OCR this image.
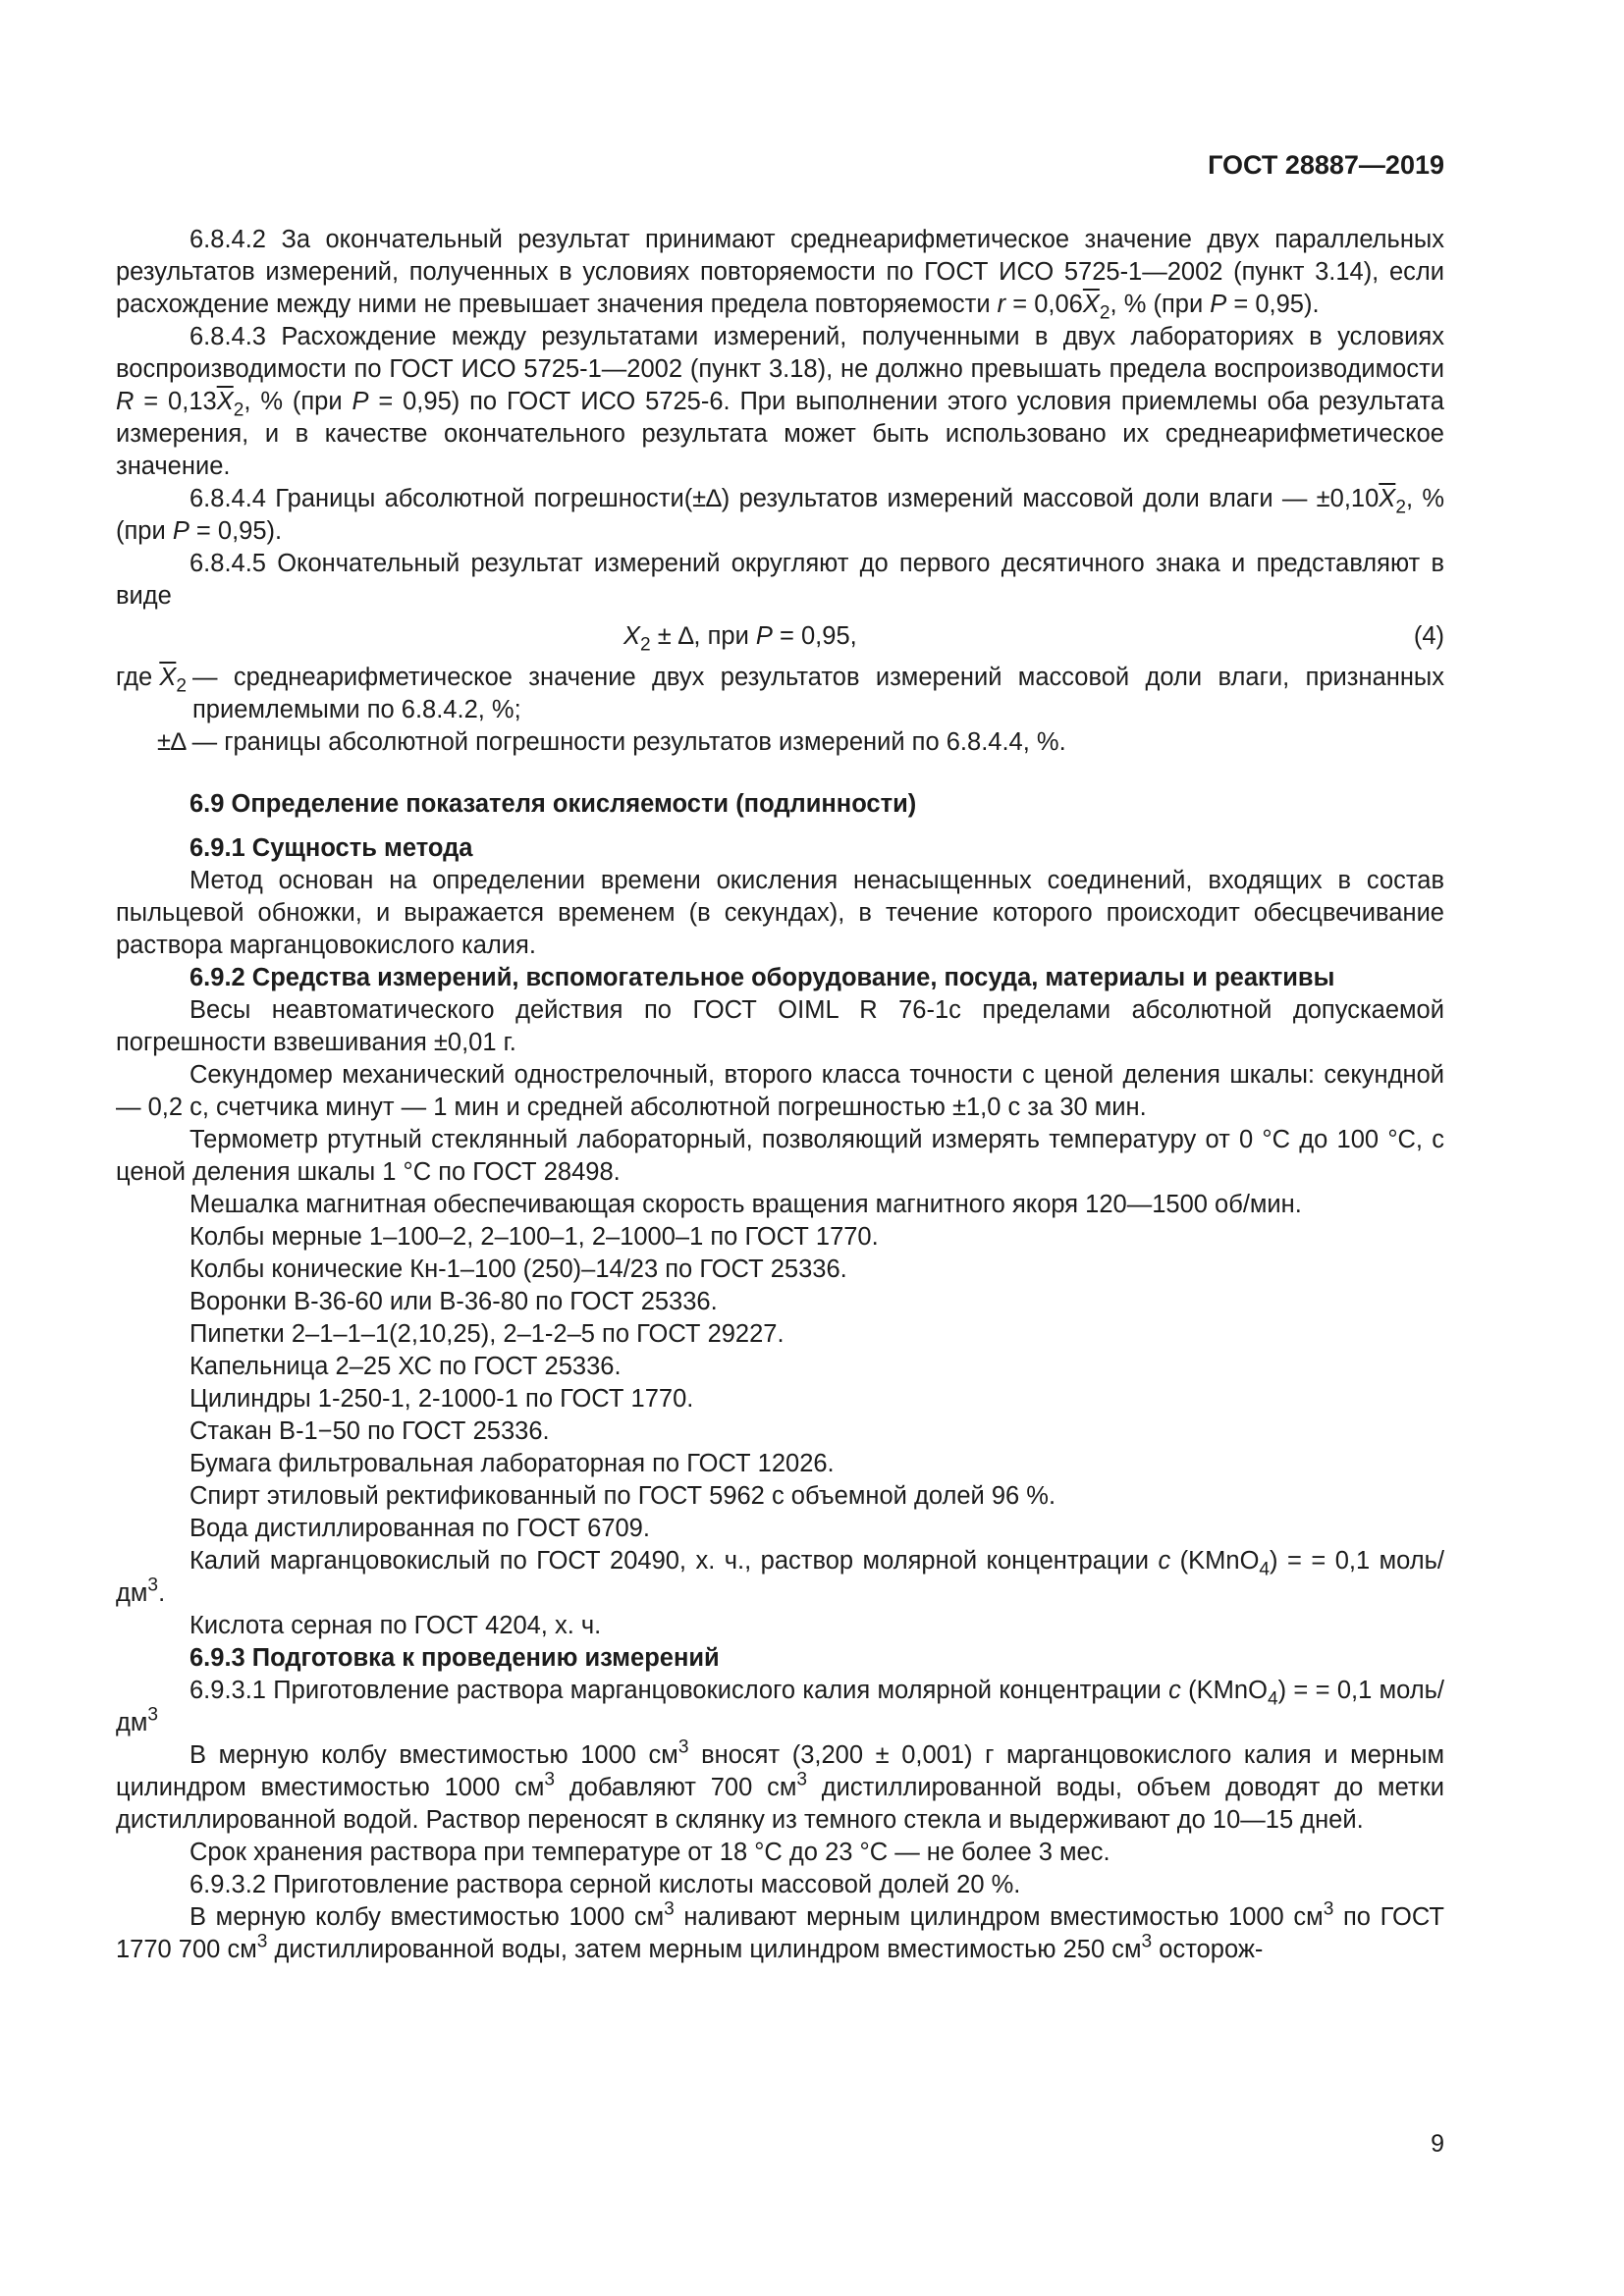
ГОСТ 28887—2019

6.8.4.2 За окончательный результат принимают среднеарифметическое значение двух параллельных результатов измерений, полученных в условиях повторяемости по ГОСТ ИСО 5725-1—2002 (пункт 3.14), если расхождение между ними не превышает значения предела повторяемости $r = 0,06\overline{X}_2$, % (при P = 0,95).

6.8.4.3 Расхождение между результатами измерений, полученными в двух лабораториях в условиях воспроизводимости по ГОСТ ИСО 5725-1—2002 (пункт 3.18), не должно превышать предела воспроизводимости $R = 0,13\overline{X}_2$, % (при P = 0,95) по ГОСТ ИСО 5725-6. При выполнении этого условия приемлемы оба результата измерения, и в качестве окончательного результата может быть использовано их среднеарифметическое значение.

6.8.4.4 Границы абсолютной погрешности(±∆) результатов измерений массовой доли влаги — $\pm 0,10\overline{X}_2$, % (при P = 0,95).

6.8.4.5 Окончательный результат измерений округляют до первого десятичного знака и представляют в виде

$X_2$ ± ∆, при P = 0,95,	(4)
где $\overline{X}_2$ — среднеарифметическое значение двух результатов измерений массовой доли влаги, признанных приемлемыми по 6.8.4.2, %;
±∆ — границы абсолютной погрешности результатов измерений по 6.8.4.4, %.

6.9 Определение показателя окисляемости (подлинности)

6.9.1 Сущность метода

Метод основан на определении времени окисления ненасыщенных соединений, входящих в состав пыльцевой обножки, и выражается временем (в секундах), в течение которого происходит обесцвечивание раствора марганцовокислого калия.

6.9.2 Средства измерений, вспомогательное оборудование, посуда, материалы и реактивы

Весы неавтоматического действия по ГОСТ OIML R 76-1с пределами абсолютной допускаемой погрешности взвешивания ±0,01 г.

Секундомер механический однострелочный, второго класса точности с ценой деления шкалы: секундной — 0,2 с, счетчика минут — 1 мин и средней абсолютной погрешностью ±1,0 с за 30 мин.

Термометр ртутный стеклянный лабораторный, позволяющий измерять температуру от 0 °С до 100 °С, с ценой деления шкалы 1 °С по ГОСТ 28498.

Мешалка магнитная обеспечивающая скорость вращения магнитного якоря 120—1500 об/мин.

Колбы мерные 1–100–2, 2–100–1, 2–1000–1 по ГОСТ 1770.

Колбы конические Кн-1–100 (250)–14/23 по ГОСТ 25336.

Воронки В-36-60 или В-36-80 по ГОСТ 25336.

Пипетки 2–1–1–1(2,10,25), 2–1-2–5 по ГОСТ 29227.

Капельница 2–25 ХС по ГОСТ 25336.

Цилиндры 1-250-1, 2-1000-1 по ГОСТ 1770.

Стакан В-1−50 по ГОСТ 25336.

Бумага фильтровальная лабораторная по ГОСТ 12026.

Спирт этиловый ректификованный по ГОСТ 5962 с объемной долей 96 %.

Вода дистиллированная по ГОСТ 6709.

Калий марганцовокислый по ГОСТ 20490, х. ч., раствор молярной концентрации c (KMnO$_4$) = = 0,1 моль/$дм^3$.

Кислота серная по ГОСТ 4204, х. ч.

6.9.3 Подготовка к проведению измерений

6.9.3.1 Приготовление раствора марганцовокислого калия молярной концентрации c (KMnO$_4$) = = 0,1 моль/$дм^3$

В мерную колбу вместимостью 1000 $см^3$ вносят (3,200 ± 0,001) г марганцовокислого калия и мерным цилиндром вместимостью 1000 $см^3$ добавляют 700 $см^3$ дистиллированной воды, объем доводят до метки дистиллированной водой. Раствор переносят в склянку из темного стекла и выдерживают до 10—15 дней.

Срок хранения раствора при температуре от 18 °С до 23 °С — не более 3 мес.

6.9.3.2 Приготовление раствора серной кислоты массовой долей 20 %.

В мерную колбу вместимостью 1000 $см^3$ наливают мерным цилиндром вместимостью 1000 $см^3$ по ГОСТ 1770 700 $см^3$ дистиллированной воды, затем мерным цилиндром вместимостью 250 $см^3$ осторож-

9
